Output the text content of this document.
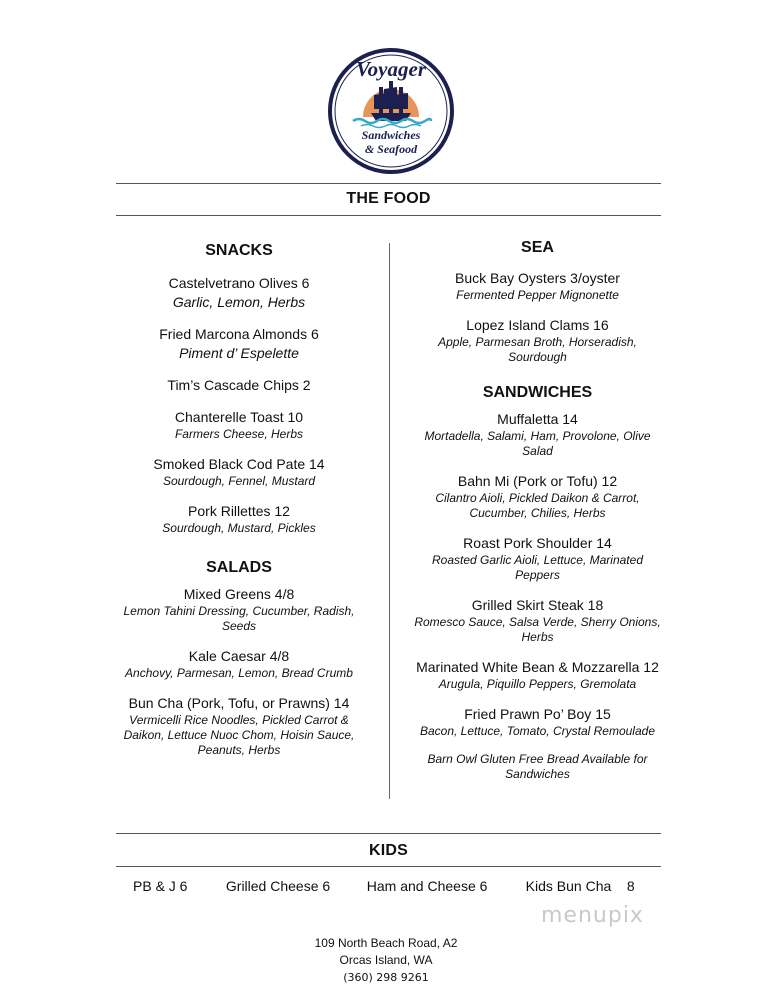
Voyager
Sandwiches
& Seafood
THE FOOD
SNACKS
Castelvetrano Olives 6
Garlic, Lemon, Herbs
Fried Marcona Almonds 6
Piment d’ Espelette
Tim’s Cascade Chips 2
Chanterelle Toast 10
Farmers Cheese, Herbs
Smoked Black Cod Pate 14
Sourdough, Fennel, Mustard
Pork Rillettes 12
Sourdough, Mustard, Pickles
SALADS
Mixed Greens 4/8
Lemon Tahini Dressing, Cucumber, Radish, Seeds
Kale Caesar 4/8
Anchovy, Parmesan, Lemon, Bread Crumb
Bun Cha (Pork, Tofu, or Prawns) 14
Vermicelli Rice Noodles, Pickled Carrot & Daikon, Lettuce Nuoc Chom, Hoisin Sauce, Peanuts, Herbs
SEA
Buck Bay Oysters 3/oyster
Fermented Pepper Mignonette
Lopez Island Clams 16
Apple, Parmesan Broth, Horseradish, Sourdough
SANDWICHES
Muffaletta 14
Mortadella, Salami, Ham, Provolone, Olive Salad
Bahn Mi (Pork or Tofu) 12
Cilantro Aioli, Pickled Daikon & Carrot, Cucumber, Chilies, Herbs
Roast Pork Shoulder 14
Roasted Garlic Aioli, Lettuce, Marinated Peppers
Grilled Skirt Steak 18
Romesco Sauce, Salsa Verde, Sherry Onions, Herbs
Marinated White Bean & Mozzarella 12
Arugula, Piquillo Peppers, Gremolata
Fried Prawn Po’ Boy 15
Bacon, Lettuce, Tomato, Crystal Remoulade
Barn Owl Gluten Free Bread Available for Sandwiches
KIDS
PB & J 6	Grilled Cheese 6	Ham and Cheese 6	Kids Bun Cha    8
menupix
109 North Beach Road, A2
Orcas Island, WA
(360) 298 9261
